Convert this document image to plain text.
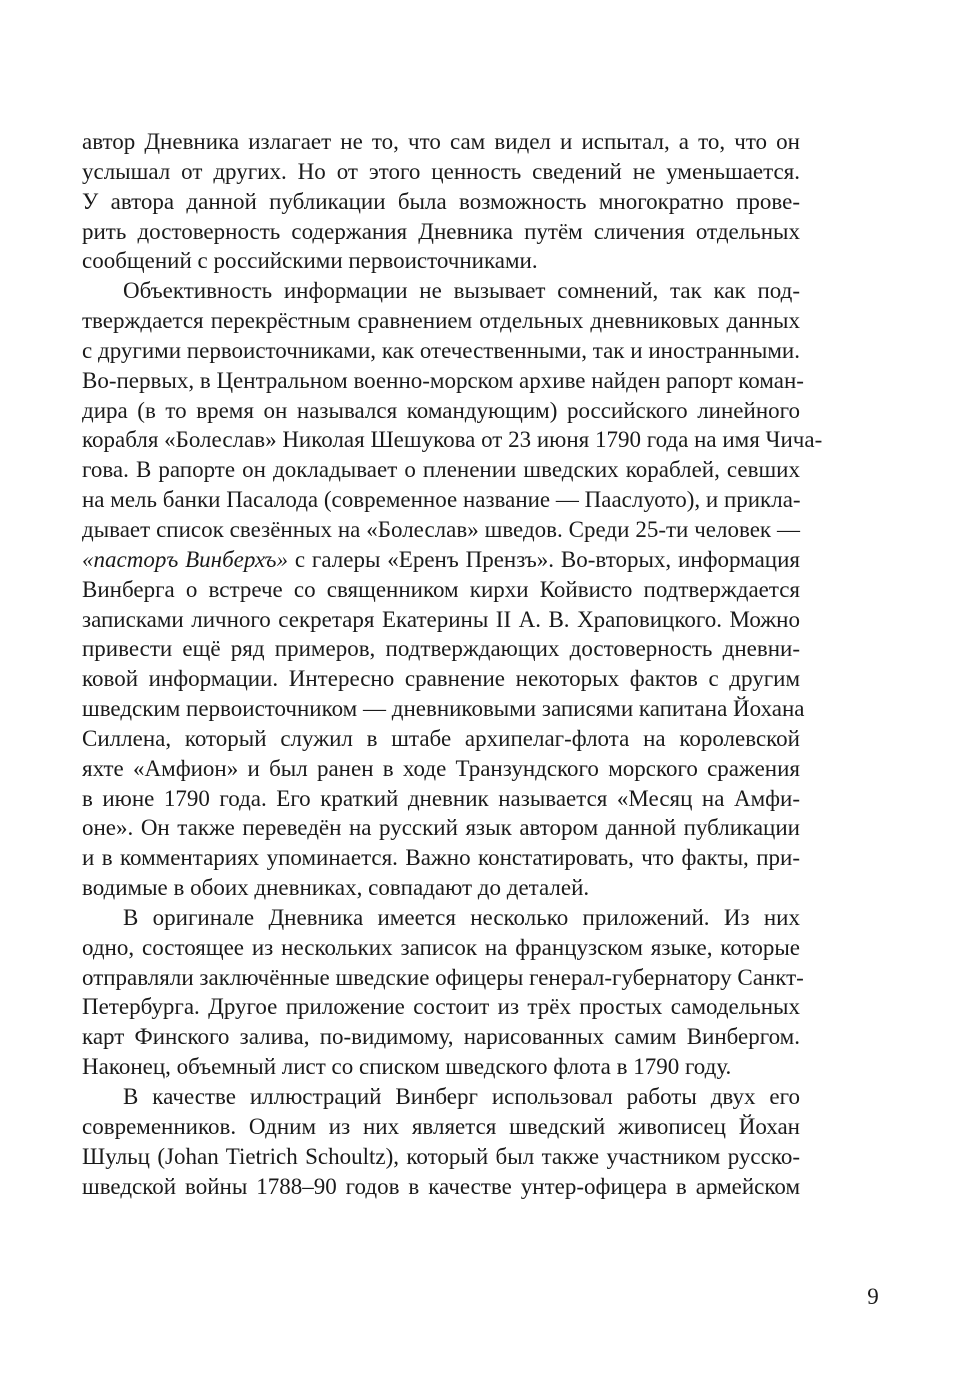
автор Дневника излагает не то, что сам видел и испытал, а то, что он
услышал от других. Но от этого ценность сведений не уменьшается.
У автора данной публикации была возможность многократно прове-
рить достоверность содержания Дневника путём сличения отдельных
сообщений с российскими первоисточниками.
Объективность информации не вызывает сомнений, так как под-
тверждается перекрёстным сравнением отдельных дневниковых данных
с другими первоисточниками, как отечественными, так и иностранными.
Во-первых, в Центральном военно-морском архиве найден рапорт коман-
дира (в то время он назывался командующим) российского линейного
корабля «Болеслав» Николая Шешукова от 23 июня 1790 года на имя Чича-
гова. В рапорте он докладывает о пленении шведских кораблей, севших
на мель банки Пасалода (современное название — Пааслуото), и прикла-
дывает список свезённых на «Болеслав» шведов. Среди 25-ти человек —
«пасторъ Винберхъ» с галеры «Еренъ Прензъ». Во-вторых, информация
Винберга о встрече со священником кирхи Койвисто подтверждается
записками личного секретаря Екатерины II А. В. Храповицкого. Можно
привести ещё ряд примеров, подтверждающих достоверность дневни-
ковой информации. Интересно сравнение некоторых фактов с другим
шведским первоисточником — дневниковыми записями капитана Йохана
Силлена, который служил в штабе архипелаг-флота на королевской
яхте «Амфион» и был ранен в ходе Транзундского морского сражения
в июне 1790 года. Его краткий дневник называется «Месяц на Амфи-
оне». Он также переведён на русский язык автором данной публикации
и в комментариях упоминается. Важно констатировать, что факты, при-
водимые в обоих дневниках, совпадают до деталей.
В оригинале Дневника имеется несколько приложений. Из них
одно, состоящее из нескольких записок на французском языке, которые
отправляли заключённые шведские офицеры генерал-губернатору Санкт-
Петербурга. Другое приложение состоит из трёх простых самодельных
карт Финского залива, по-видимому, нарисованных самим Винбергом.
Наконец, объемный лист со списком шведского флота в 1790 году.
В качестве иллюстраций Винберг использовал работы двух его
современников. Одним из них является шведский живописец Йохан
Шульц (Johan Tietrich Schoultz), который был также участником русско-
шведской войны 1788–90 годов в качестве унтер-офицера в армейском
9
